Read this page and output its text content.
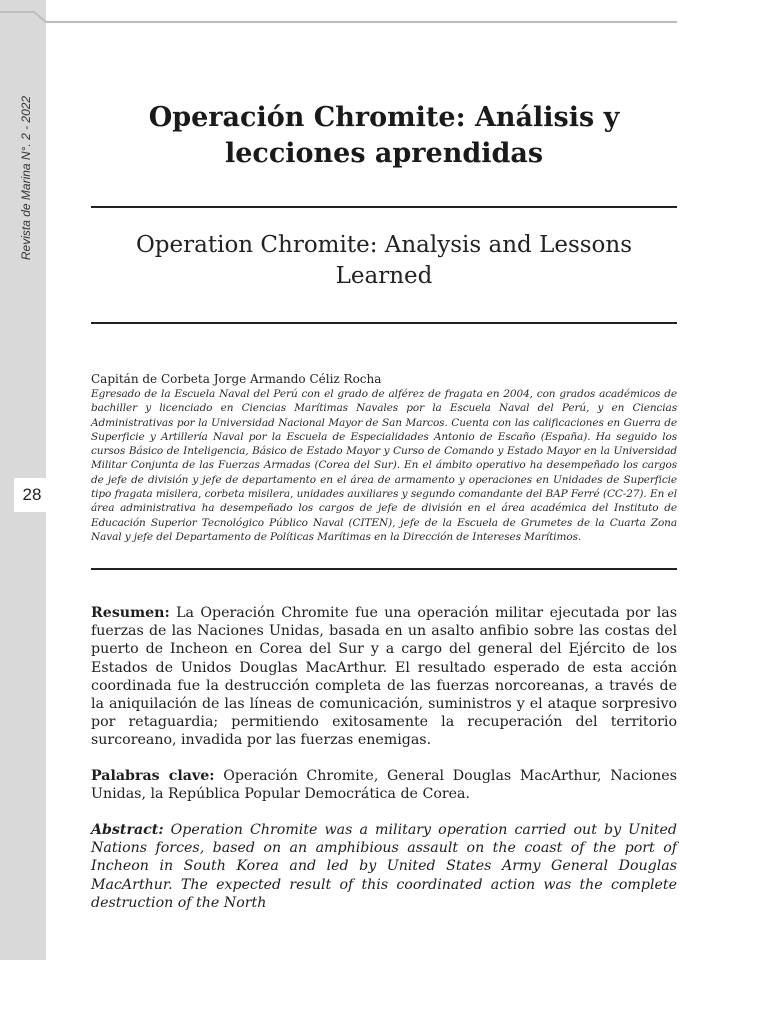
Revista de Marina N°. 2 - 2022
28
Operación Chromite: Análisis y lecciones aprendidas
Operation Chromite: Analysis and Lessons Learned
Capitán de Corbeta Jorge Armando Céliz Rocha
Egresado de la Escuela Naval del Perú con el grado de alférez de fragata en 2004, con grados académicos de bachiller y licenciado en Ciencias Marítimas Navales por la Escuela Naval del Perú, y en Ciencias Administrativas por la Universidad Nacional Mayor de San Marcos. Cuenta con las calificaciones en Guerra de Superficie y Artillería Naval por la Escuela de Especialidades Antonio de Escaño (España). Ha seguido los cursos Básico de Inteligencia, Básico de Estado Mayor y Curso de Comando y Estado Mayor en la Universidad Militar Conjunta de las Fuerzas Armadas (Corea del Sur). En el ámbito operativo ha desempeñado los cargos de jefe de división y jefe de departamento en el área de armamento y operaciones en Unidades de Superficie tipo fragata misilera, corbeta misilera, unidades auxiliares y segundo comandante del BAP Ferré (CC-27). En el área administrativa ha desempeñado los cargos de jefe de división en el área académica del Instituto de Educación Superior Tecnológico Público Naval (CITEN), jefe de la Escuela de Grumetes de la Cuarta Zona Naval y jefe del Departamento de Políticas Marítimas en la Dirección de Intereses Marítimos.
Resumen: La Operación Chromite fue una operación militar ejecutada por las fuerzas de las Naciones Unidas, basada en un asalto anfibio sobre las costas del puerto de Incheon en Corea del Sur y a cargo del general del Ejército de los Estados de Unidos Douglas MacArthur. El resultado esperado de esta acción coordinada fue la destrucción completa de las fuerzas norcoreanas, a través de la aniquilación de las líneas de comunicación, suministros y el ataque sorpresivo por retaguardia; permitiendo exitosamente la recuperación del territorio surcoreano, invadida por las fuerzas enemigas.
Palabras clave: Operación Chromite, General Douglas MacArthur, Naciones Unidas, la República Popular Democrática de Corea.
Abstract: Operation Chromite was a military operation carried out by United Nations forces, based on an amphibious assault on the coast of the port of Incheon in South Korea and led by United States Army General Douglas MacArthur. The expected result of this coordinated action was the complete destruction of the North
